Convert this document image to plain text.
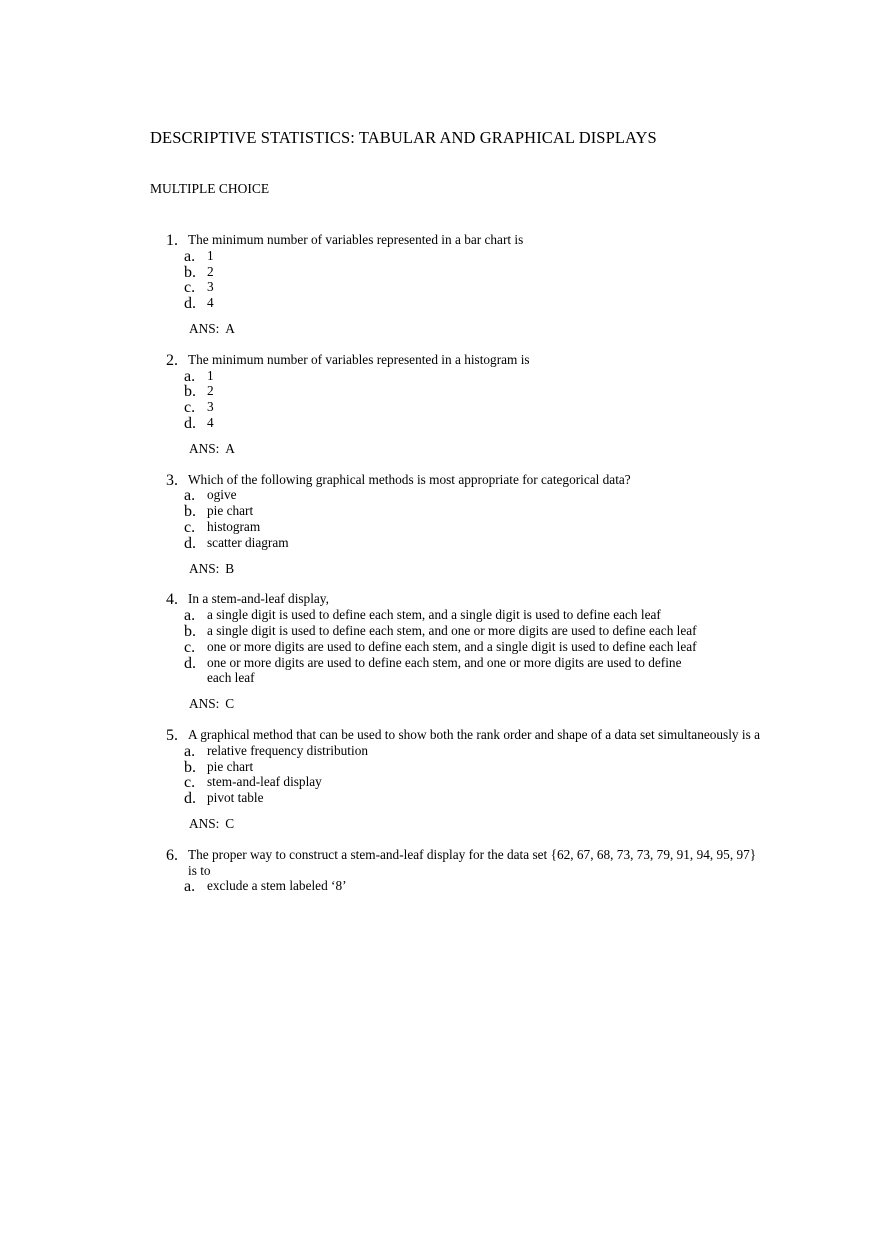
DESCRIPTIVE STATISTICS: TABULAR AND GRAPHICAL DISPLAYS
MULTIPLE CHOICE
The minimum number of variables represented in a bar chart is
1.
1
a.
2
b.
3
c.
4
d.
ANS: A
The minimum number of variables represented in a histogram is
2.
1
a.
2
b.
3
c.
4
d.
ANS: A
Which of the following graphical methods is most appropriate for categorical data?
3.
ogive
a.
pie chart
b.
histogram
c.
scatter diagram
d.
ANS: B
In a stem-and-leaf display,
4.
a single digit is used to define each stem, and a single digit is used to define each leaf
a.
a single digit is used to define each stem, and one or more digits are used to define each leaf
b.
one or more digits are used to define each stem, and a single digit is used to define each leaf
c.
one or more digits are used to define each stem, and one or more digits are used to define each leaf
d.
ANS: C
A graphical method that can be used to show both the rank order and shape of a data set simultaneously is a
5.
relative frequency distribution
a.
pie chart
b.
stem-and-leaf display
c.
pivot table
d.
ANS: C
The proper way to construct a stem-and-leaf display for the data set {62, 67, 68, 73, 73, 79, 91, 94, 95, 97} is to
6.
exclude a stem labeled ‘8’
a.
